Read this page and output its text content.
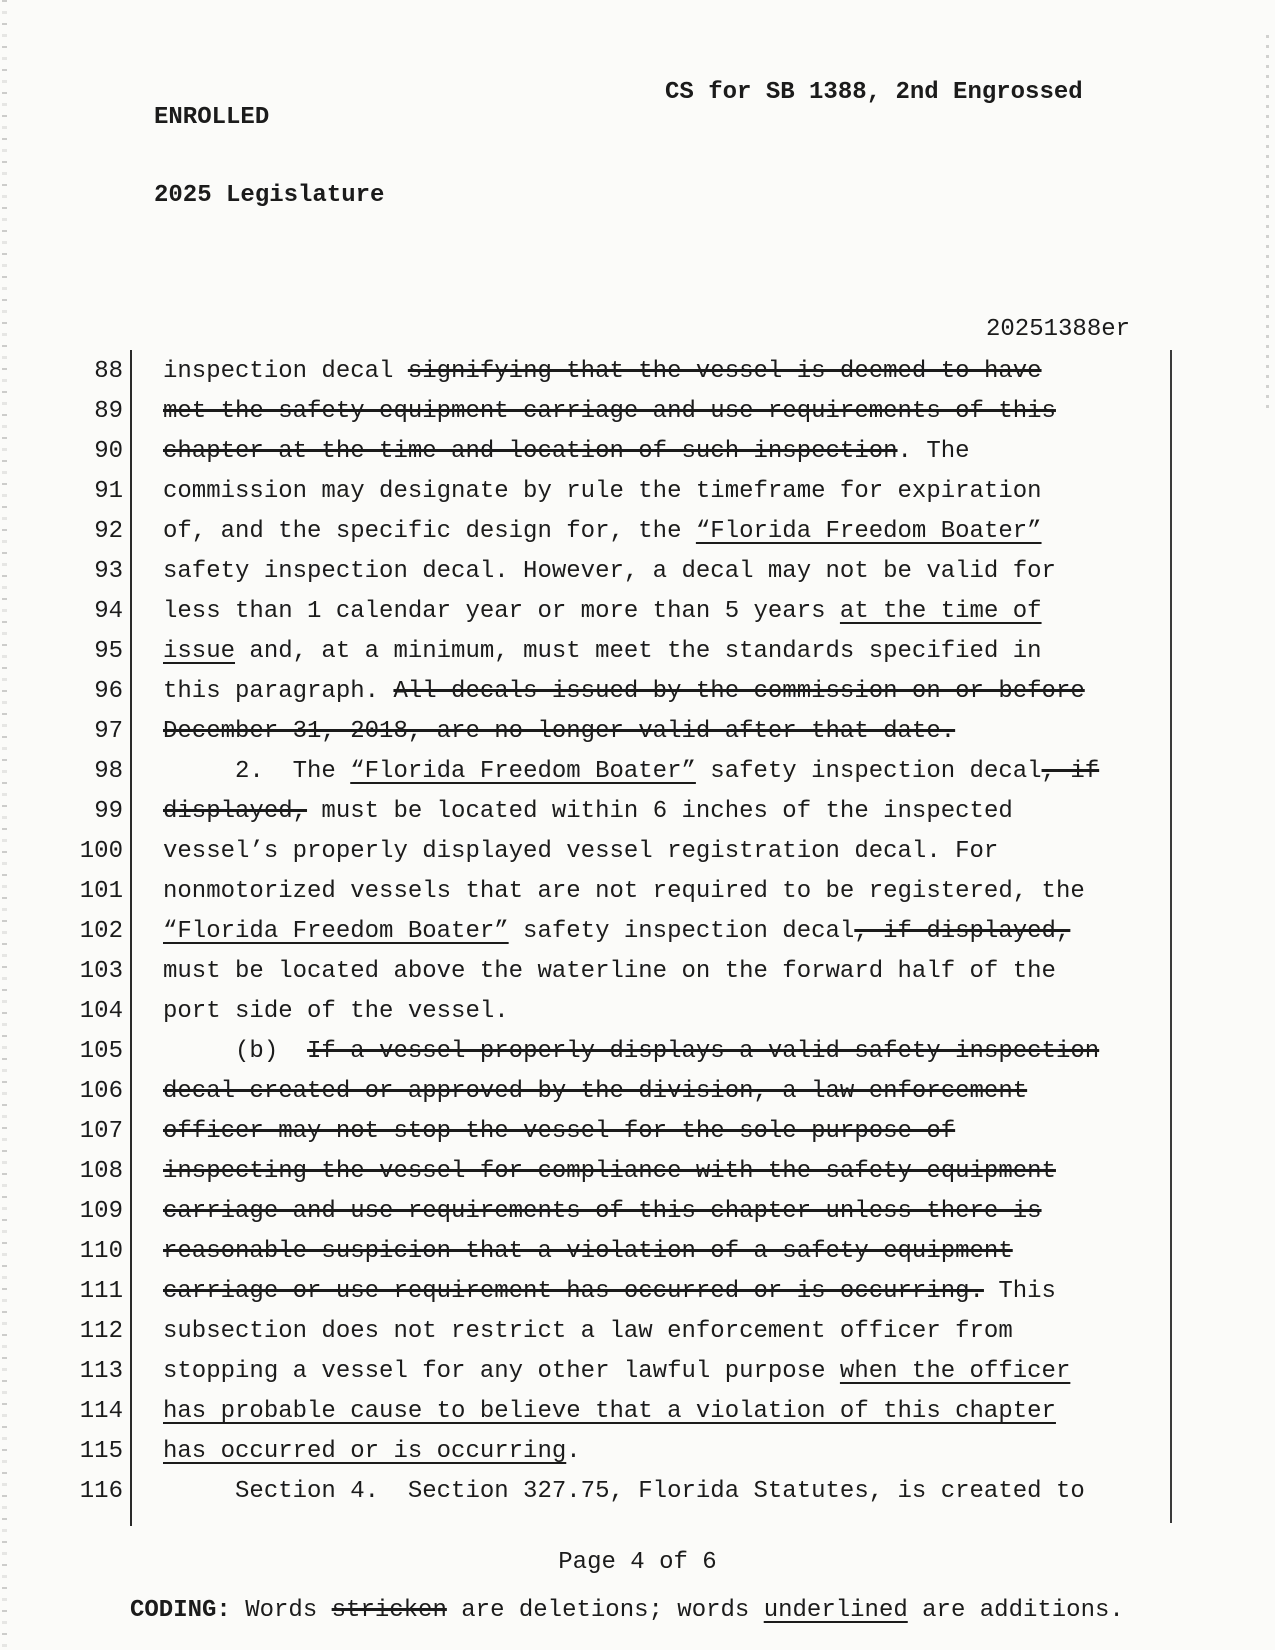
ENROLLED

2025 Legislature

CS for SB 1388, 2nd Engrossed
20251388er
88 inspection decal signifying that the vessel is deemed to have
89 met the safety equipment carriage and use requirements of this
90 chapter at the time and location of such inspection. The
91 commission may designate by rule the timeframe for expiration
92 of, and the specific design for, the “Florida Freedom Boater”
93 safety inspection decal. However, a decal may not be valid for
94 less than 1 calendar year or more than 5 years at the time of
95 issue and, at a minimum, must meet the standards specified in
96 this paragraph. All decals issued by the commission on or before
97 December 31, 2018, are no longer valid after that date.
98 2.  The “Florida Freedom Boater” safety inspection decal, if
99 displayed, must be located within 6 inches of the inspected
100 vessel’s properly displayed vessel registration decal. For
101 nonmotorized vessels that are not required to be registered, the
102 “Florida Freedom Boater” safety inspection decal, if displayed,
103 must be located above the waterline on the forward half of the
104 port side of the vessel.
105 (b)  If a vessel properly displays a valid safety inspection
106 decal created or approved by the division, a law enforcement
107 officer may not stop the vessel for the sole purpose of
108 inspecting the vessel for compliance with the safety equipment
109 carriage and use requirements of this chapter unless there is
110 reasonable suspicion that a violation of a safety equipment
111 carriage or use requirement has occurred or is occurring. This
112 subsection does not restrict a law enforcement officer from
113 stopping a vessel for any other lawful purpose when the officer
114 has probable cause to believe that a violation of this chapter
115 has occurred or is occurring.
116 Section 4.  Section 327.75, Florida Statutes, is created to
Page 4 of 6
CODING: Words stricken are deletions; words underlined are additions.
